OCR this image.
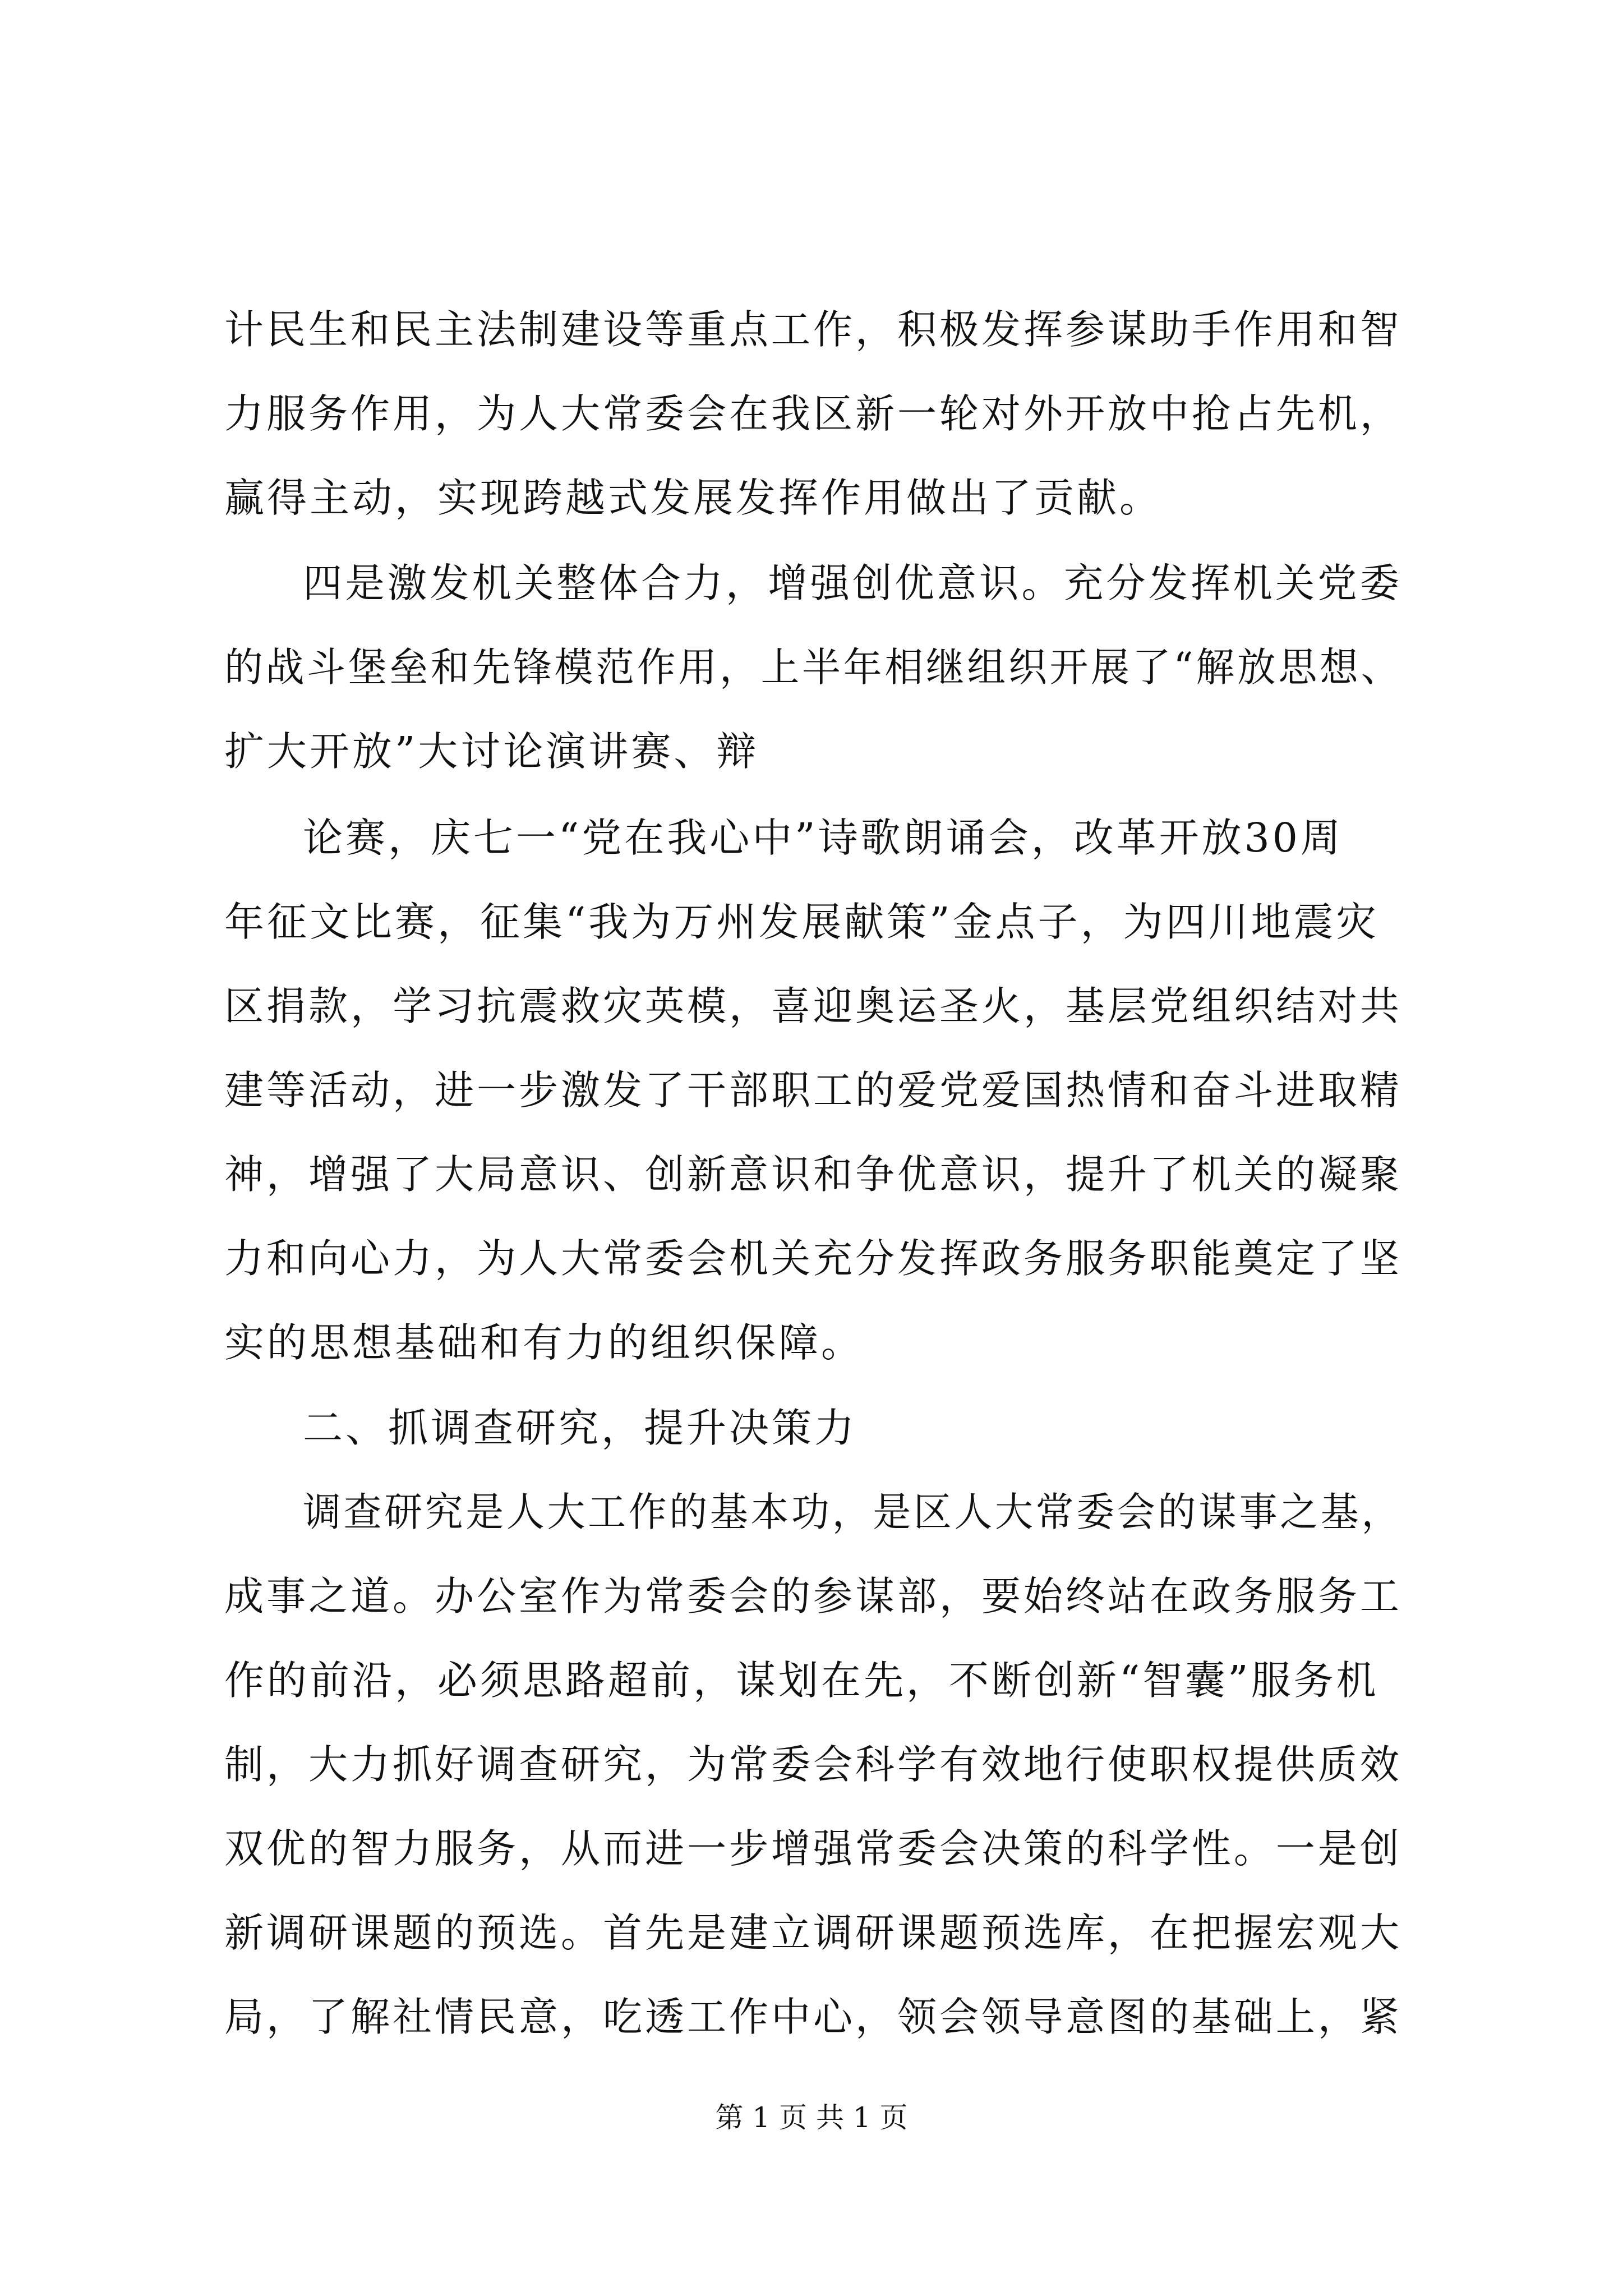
计民生和民主法制建设等重点工作，积极发挥参谋助手作用和智
力服务作用，为人大常委会在我区新一轮对外开放中抢占先机，
赢得主动，实现跨越式发展发挥作用做出了贡献。
四是激发机关整体合力，增强创优意识。充分发挥机关党委
的战斗堡垒和先锋模范作用，上半年相继组织开展了“解放思想、
扩大开放”大讨论演讲赛、辩
论赛，庆七一“党在我心中”诗歌朗诵会，改革开放30周
年征文比赛，征集“我为万州发展献策”金点子，为四川地震灾
区捐款，学习抗震救灾英模，喜迎奥运圣火，基层党组织结对共
建等活动，进一步激发了干部职工的爱党爱国热情和奋斗进取精
神，增强了大局意识、创新意识和争优意识，提升了机关的凝聚
力和向心力，为人大常委会机关充分发挥政务服务职能奠定了坚
实的思想基础和有力的组织保障。
二、抓调查研究，提升决策力
调查研究是人大工作的基本功，是区人大常委会的谋事之基，
成事之道。办公室作为常委会的参谋部，要始终站在政务服务工
作的前沿，必须思路超前，谋划在先，不断创新“智囊”服务机
制，大力抓好调查研究，为常委会科学有效地行使职权提供质效
双优的智力服务，从而进一步增强常委会决策的科学性。一是创
新调研课题的预选。首先是建立调研课题预选库，在把握宏观大
局，了解社情民意，吃透工作中心，领会领导意图的基础上，紧
第 1 页 共 1 页
